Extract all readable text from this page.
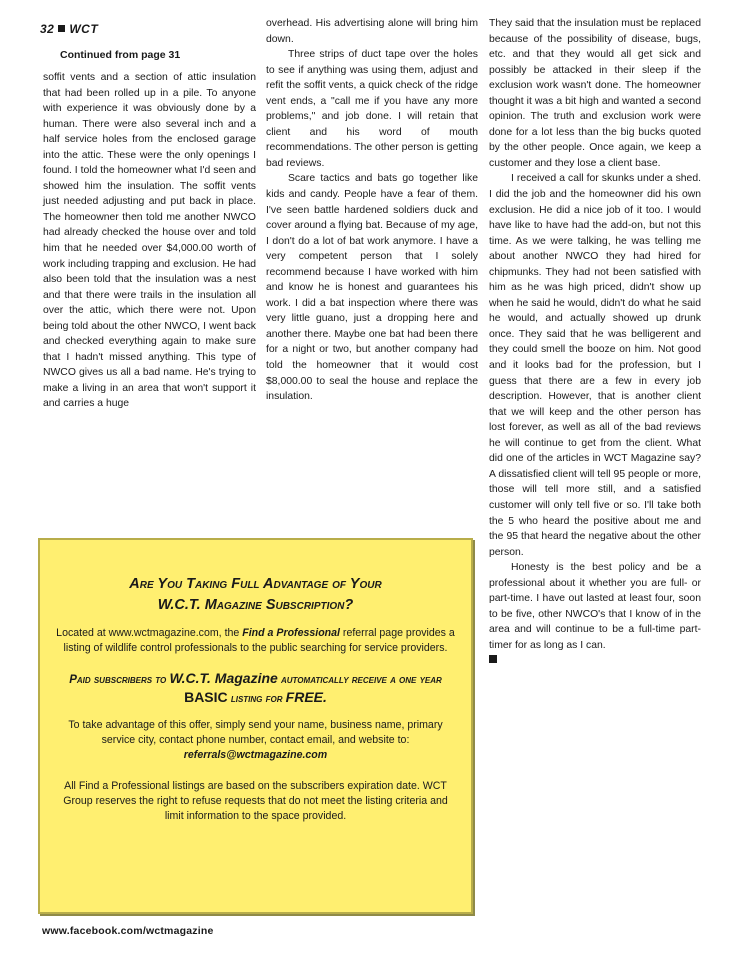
32 WCT
Continued from page 31

soffit vents and a section of attic insulation that had been rolled up in a pile. To anyone with experience it was obviously done by a human. There were also several inch and a half service holes from the enclosed garage into the attic. These were the only openings I found. I told the homeowner what I'd seen and showed him the insulation. The soffit vents just needed adjusting and put back in place. The homeowner then told me another NWCO had already checked the house over and told him that he needed over $4,000.00 worth of work including trapping and exclusion. He had also been told that the insulation was a nest and that there were trails in the insulation all over the attic, which there were not. Upon being told about the other NWCO, I went back and checked everything again to make sure that I hadn't missed anything. This type of NWCO gives us all a bad name. He's trying to make a living in an area that won't support it and carries a huge

overhead. His advertising alone will bring him down.

Three strips of duct tape over the holes to see if anything was using them, adjust and refit the soffit vents, a quick check of the ridge vent ends, a "call me if you have any more problems," and job done. I will retain that client and his word of mouth recommendations. The other person is getting bad reviews.

Scare tactics and bats go together like kids and candy. People have a fear of them. I've seen battle hardened soldiers duck and cover around a flying bat. Because of my age, I don't do a lot of bat work anymore. I have a very competent person that I solely recommend because I have worked with him and know he is honest and guarantees his work. I did a bat inspection where there was very little guano, just a dropping here and another there. Maybe one bat had been there for a night or two, but another company had told the homeowner that it would cost $8,000.00 to seal the house and replace the insulation.

They said that the insulation must be replaced because of the possibility of disease, bugs, etc. and that they would all get sick and possibly be attacked in their sleep if the exclusion work wasn't done. The homeowner thought it was a bit high and wanted a second opinion. The truth and exclusion work were done for a lot less than the big bucks quoted by the other people. Once again, we keep a customer and they lose a client base.

I received a call for skunks under a shed. I did the job and the homeowner did his own exclusion. He did a nice job of it too. I would have like to have had the add-on, but not this time. As we were talking, he was telling me about another NWCO they had hired for chipmunks. They had not been satisfied with him as he was high priced, didn't show up when he said he would, didn't do what he said he would, and actually showed up drunk once. They said that he was belligerent and they could smell the booze on him. Not good and it looks bad for the profession, but I guess that there are a few in every job description. However, that is another client that we will keep and the other person has lost forever, as well as all of the bad reviews he will continue to get from the client. What did one of the articles in WCT Magazine say? A dissatisfied client will tell 95 people or more, those will tell more still, and a satisfied customer will only tell five or so. I'll take both the 5 who heard the positive about me and the 95 that heard the negative about the other person.

Honesty is the best policy and be a professional about it whether you are full- or part-time. I have out lasted at least four, soon to be five, other NWCO's that I know of in the area and will continue to be a full-time part-timer for as long as I can.

Are You Taking Full Advantage of Your
W.C.T. Magazine Subscription?

Located at www.wctmagazine.com, the Find a Professional referral page provides a listing of wildlife control professionals to the public searching for service providers.

Paid subscribers to W.C.T. Magazine automatically receive a one year BASIC listing for FREE.

To take advantage of this offer, simply send your name, business name, primary service city, contact phone number, contact email, and website to: referrals@wctmagazine.com

All Find a Professional listings are based on the subscribers expiration date. WCT Group reserves the right to refuse requests that do not meet the listing criteria and limit information to the space provided.

www.facebook.com/wctmagazine
